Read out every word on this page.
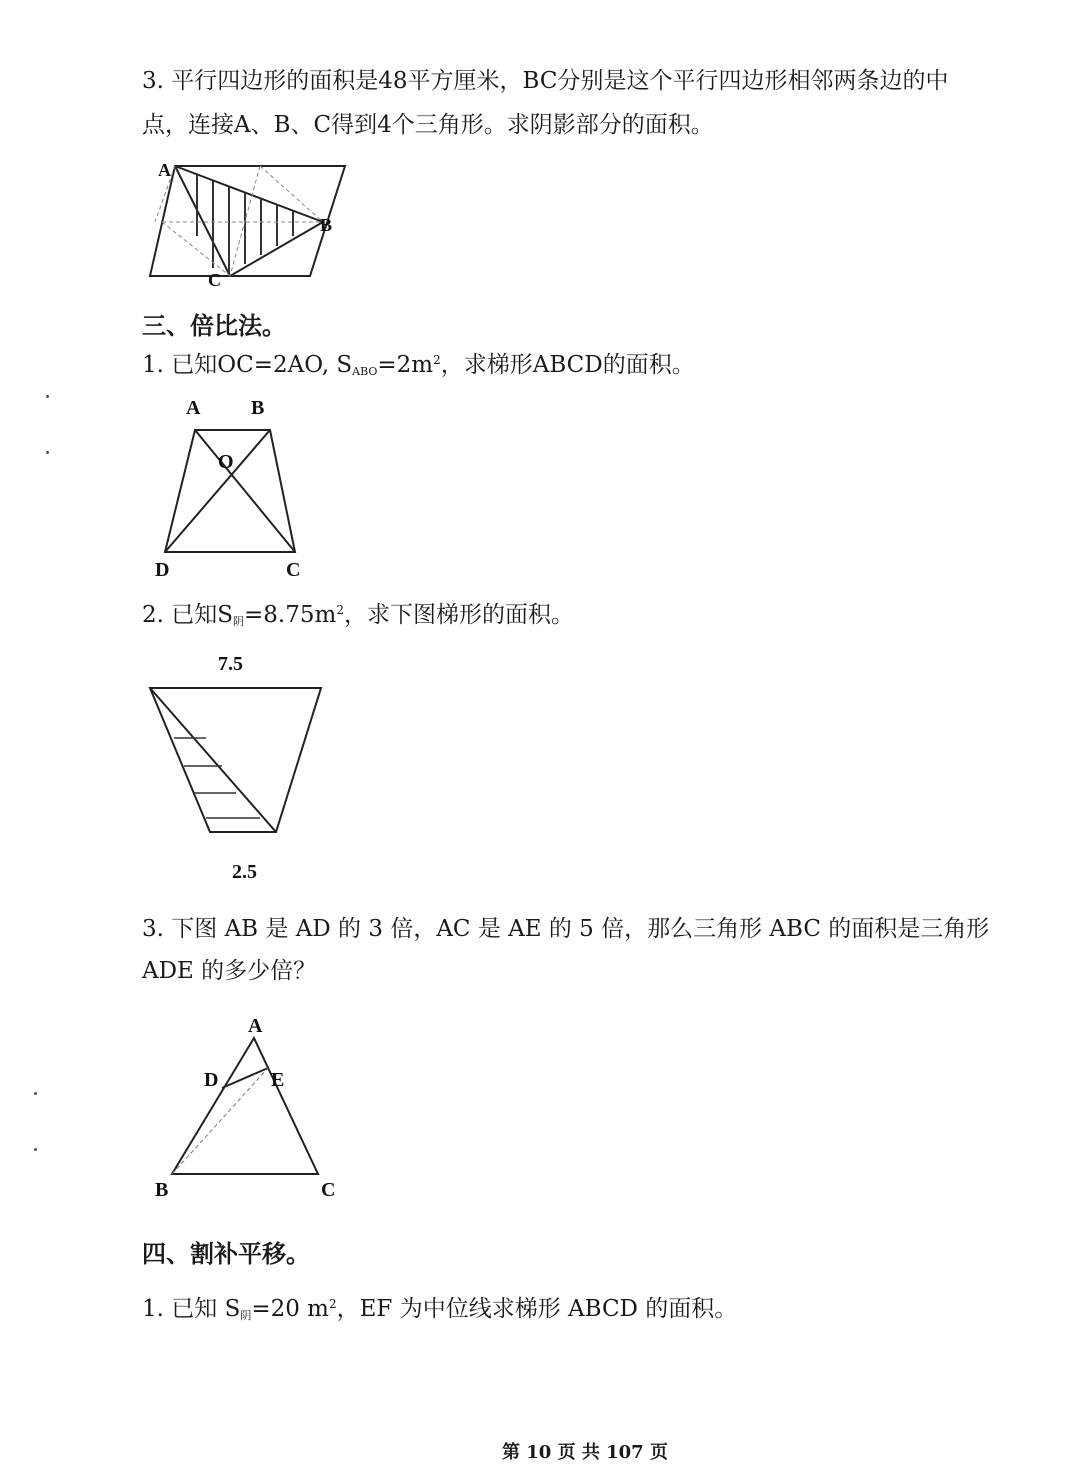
3. 平行四边形的面积是48平方厘米，BC分别是这个平行四边形相邻两条边的中
点，连接A、B、C得到4个三角形。求阴影部分的面积。
A
B
C
三、倍比法。
1. 已知OC=2AO, $S_{ABO}=2m^2$，求梯形ABCD的面积。
A	B
O
D	C
2. 已知$S_阴=8.75m^2$，求下图梯形的面积。
7.5
2.5
3. 下图 AB 是 AD 的 3 倍，AC 是 AE 的 5 倍，那么三角形 ABC 的面积是三角形
ADE 的多少倍？
A
D	E
B	C
四、割补平移。
1. 已知 $S_阴=20$ $m^2$，EF 为中位线求梯形 ABCD 的面积。
第 10 页 共 107 页
